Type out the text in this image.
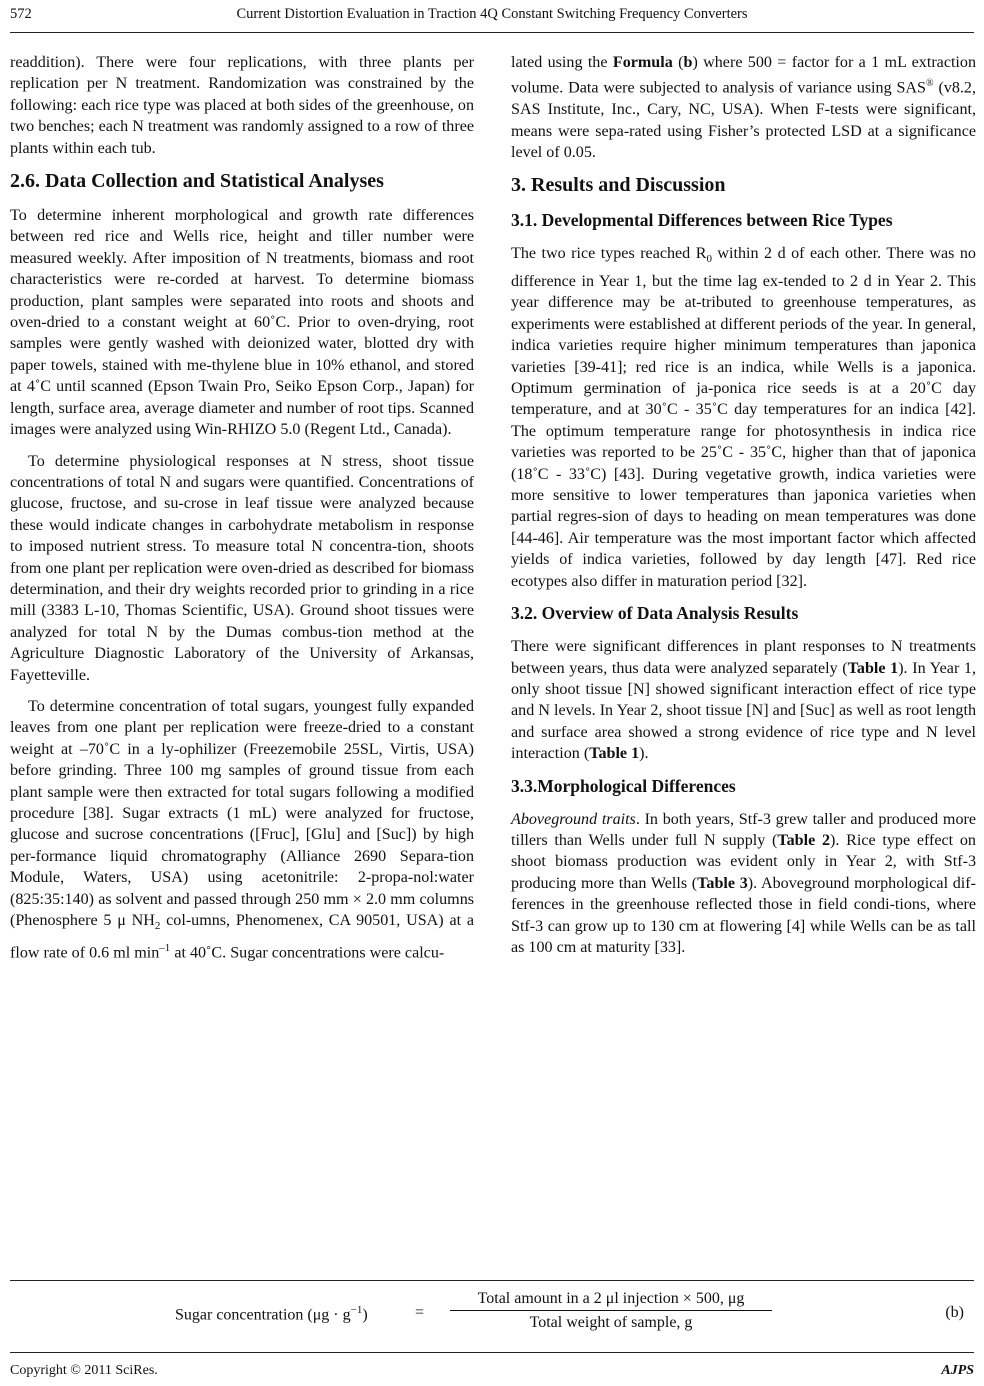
572	Current Distortion Evaluation in Traction 4Q Constant Switching Frequency Converters

readdition). There were four replications, with three plants per replication per N treatment. Randomization was constrained by the following: each rice type was placed at both sides of the greenhouse, on two benches; each N treatment was randomly assigned to a row of three plants within each tub.

2.6. Data Collection and Statistical Analyses

To determine inherent morphological and growth rate differences between red rice and Wells rice, height and tiller number were measured weekly. After imposition of N treatments, biomass and root characteristics were re-corded at harvest. To determine biomass production, plant samples were separated into roots and shoots and oven-dried to a constant weight at 60˚C. Prior to oven-drying, root samples were gently washed with deionized water, blotted dry with paper towels, stained with me-thylene blue in 10% ethanol, and stored at 4˚C until scanned (Epson Twain Pro, Seiko Epson Corp., Japan) for length, surface area, average diameter and number of root tips. Scanned images were analyzed using Win-RHIZO 5.0 (Regent Ltd., Canada).

To determine physiological responses at N stress, shoot tissue concentrations of total N and sugars were quantified. Concentrations of glucose, fructose, and su-crose in leaf tissue were analyzed because these would indicate changes in carbohydrate metabolism in response to imposed nutrient stress. To measure total N concentra-tion, shoots from one plant per replication were oven-dried as described for biomass determination, and their dry weights recorded prior to grinding in a rice mill (3383 L-10, Thomas Scientific, USA). Ground shoot tissues were analyzed for total N by the Dumas combus-tion method at the Agriculture Diagnostic Laboratory of the University of Arkansas, Fayetteville.

To determine concentration of total sugars, youngest fully expanded leaves from one plant per replication were freeze-dried to a constant weight at –70˚C in a ly-ophilizer (Freezemobile 25SL, Virtis, USA) before grinding. Three 100 mg samples of ground tissue from each plant sample were then extracted for total sugars following a modified procedure [38]. Sugar extracts (1 mL) were analyzed for fructose, glucose and sucrose concentrations ([Fruc], [Glu] and [Suc]) by high per-formance liquid chromatography (Alliance 2690 Separa-tion Module, Waters, USA) using acetonitrile: 2-propa-nol:water (825:35:140) as solvent and passed through 250 mm × 2.0 mm columns (Phenosphere 5 μ $NH_2$ col-umns, Phenomenex, CA 90501, USA) at a flow rate of 0.6 ml $\min^{-1}$ at 40˚C. Sugar concentrations were calcu-

lated using the Formula (b) where 500 = factor for a 1 mL extraction volume. Data were subjected to analysis of variance using SAS® (v8.2, SAS Institute, Inc., Cary, NC, USA). When F-tests were significant, means were sepa-rated using Fisher’s protected LSD at a significance level of 0.05.

3. Results and Discussion
3.1. Developmental Differences between Rice Types

The two rice types reached $R_0$ within 2 d of each other. There was no difference in Year 1, but the time lag ex-tended to 2 d in Year 2. This year difference may be at-tributed to greenhouse temperatures, as experiments were established at different periods of the year. In general, indica varieties require higher minimum temperatures than japonica varieties [39-41]; red rice is an indica, while Wells is a japonica. Optimum germination of ja-ponica rice seeds is at a 20˚C day temperature, and at 30˚C - 35˚C day temperatures for an indica [42]. The optimum temperature range for photosynthesis in indica rice varieties was reported to be 25˚C - 35˚C, higher than that of japonica (18˚C - 33˚C) [43]. During vegetative growth, indica varieties were more sensitive to lower temperatures than japonica varieties when partial regres-sion of days to heading on mean temperatures was done [44-46]. Air temperature was the most important factor which affected yields of indica varieties, followed by day length [47]. Red rice ecotypes also differ in maturation period [32].

3.2. Overview of Data Analysis Results

There were significant differences in plant responses to N treatments between years, thus data were analyzed separately (Table 1). In Year 1, only shoot tissue [N] showed significant interaction effect of rice type and N levels. In Year 2, shoot tissue [N] and [Suc] as well as root length and surface area showed a strong evidence of rice type and N level interaction (Table 1).

3.3.Morphological Differences

Aboveground traits. In both years, Stf-3 grew taller and produced more tillers than Wells under full N supply (Table 2). Rice type effect on shoot biomass production was evident only in Year 2, with Stf-3 producing more than Wells (Table 3). Aboveground morphological dif-ferences in the greenhouse reflected those in field condi-tions, where Stf-3 can grow up to 130 cm at flowering [4] while Wells can be as tall as 100 cm at maturity [33].

Sugar concentration $(\mu g \cdot g^{-1})$	=
Total amount in a 2 μl injection × 500, μg
Total weight of sample, g
(b)
Copyright © 2011 SciRes.	AJPS
